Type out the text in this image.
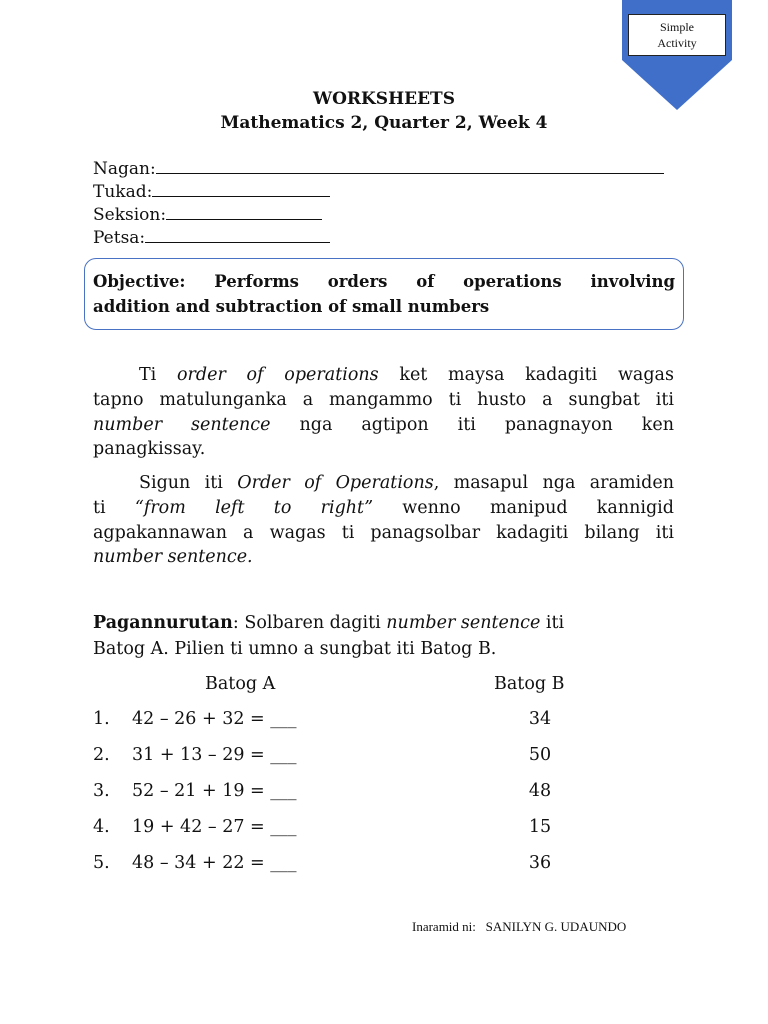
Simple
Activity
WORKSHEETS
Mathematics 2, Quarter 2, Week 4
Nagan:
Tukad:
Seksion:
Petsa:
Objective: Performs orders of operations involving
addition and subtraction of small numbers
Ti order of operations ket maysa kadagiti wagas
tapno matulunganka a mangammo ti husto a sungbat iti
number sentence nga agtipon iti panagnayon ken
panagkissay.
Sigun iti Order of Operations, masapul nga aramiden
ti “from left to right” wenno manipud kannigid
agpakannawan a wagas ti panagsolbar kadagiti bilang iti
number sentence.
Pagannurutan: Solbaren dagiti number sentence iti
Batog A. Pilien ti umno a sungbat iti Batog B.
Batog A	Batog B
1. 42 – 26 + 32 = ___	34
2. 31 + 13 – 29 = ___	50
3. 52 – 21 + 19 = ___	48
4. 19 + 42 – 27 = ___	15
5. 48 – 34 + 22 = ___	36
Inaramid ni: SANILYN G. UDAUNDO
